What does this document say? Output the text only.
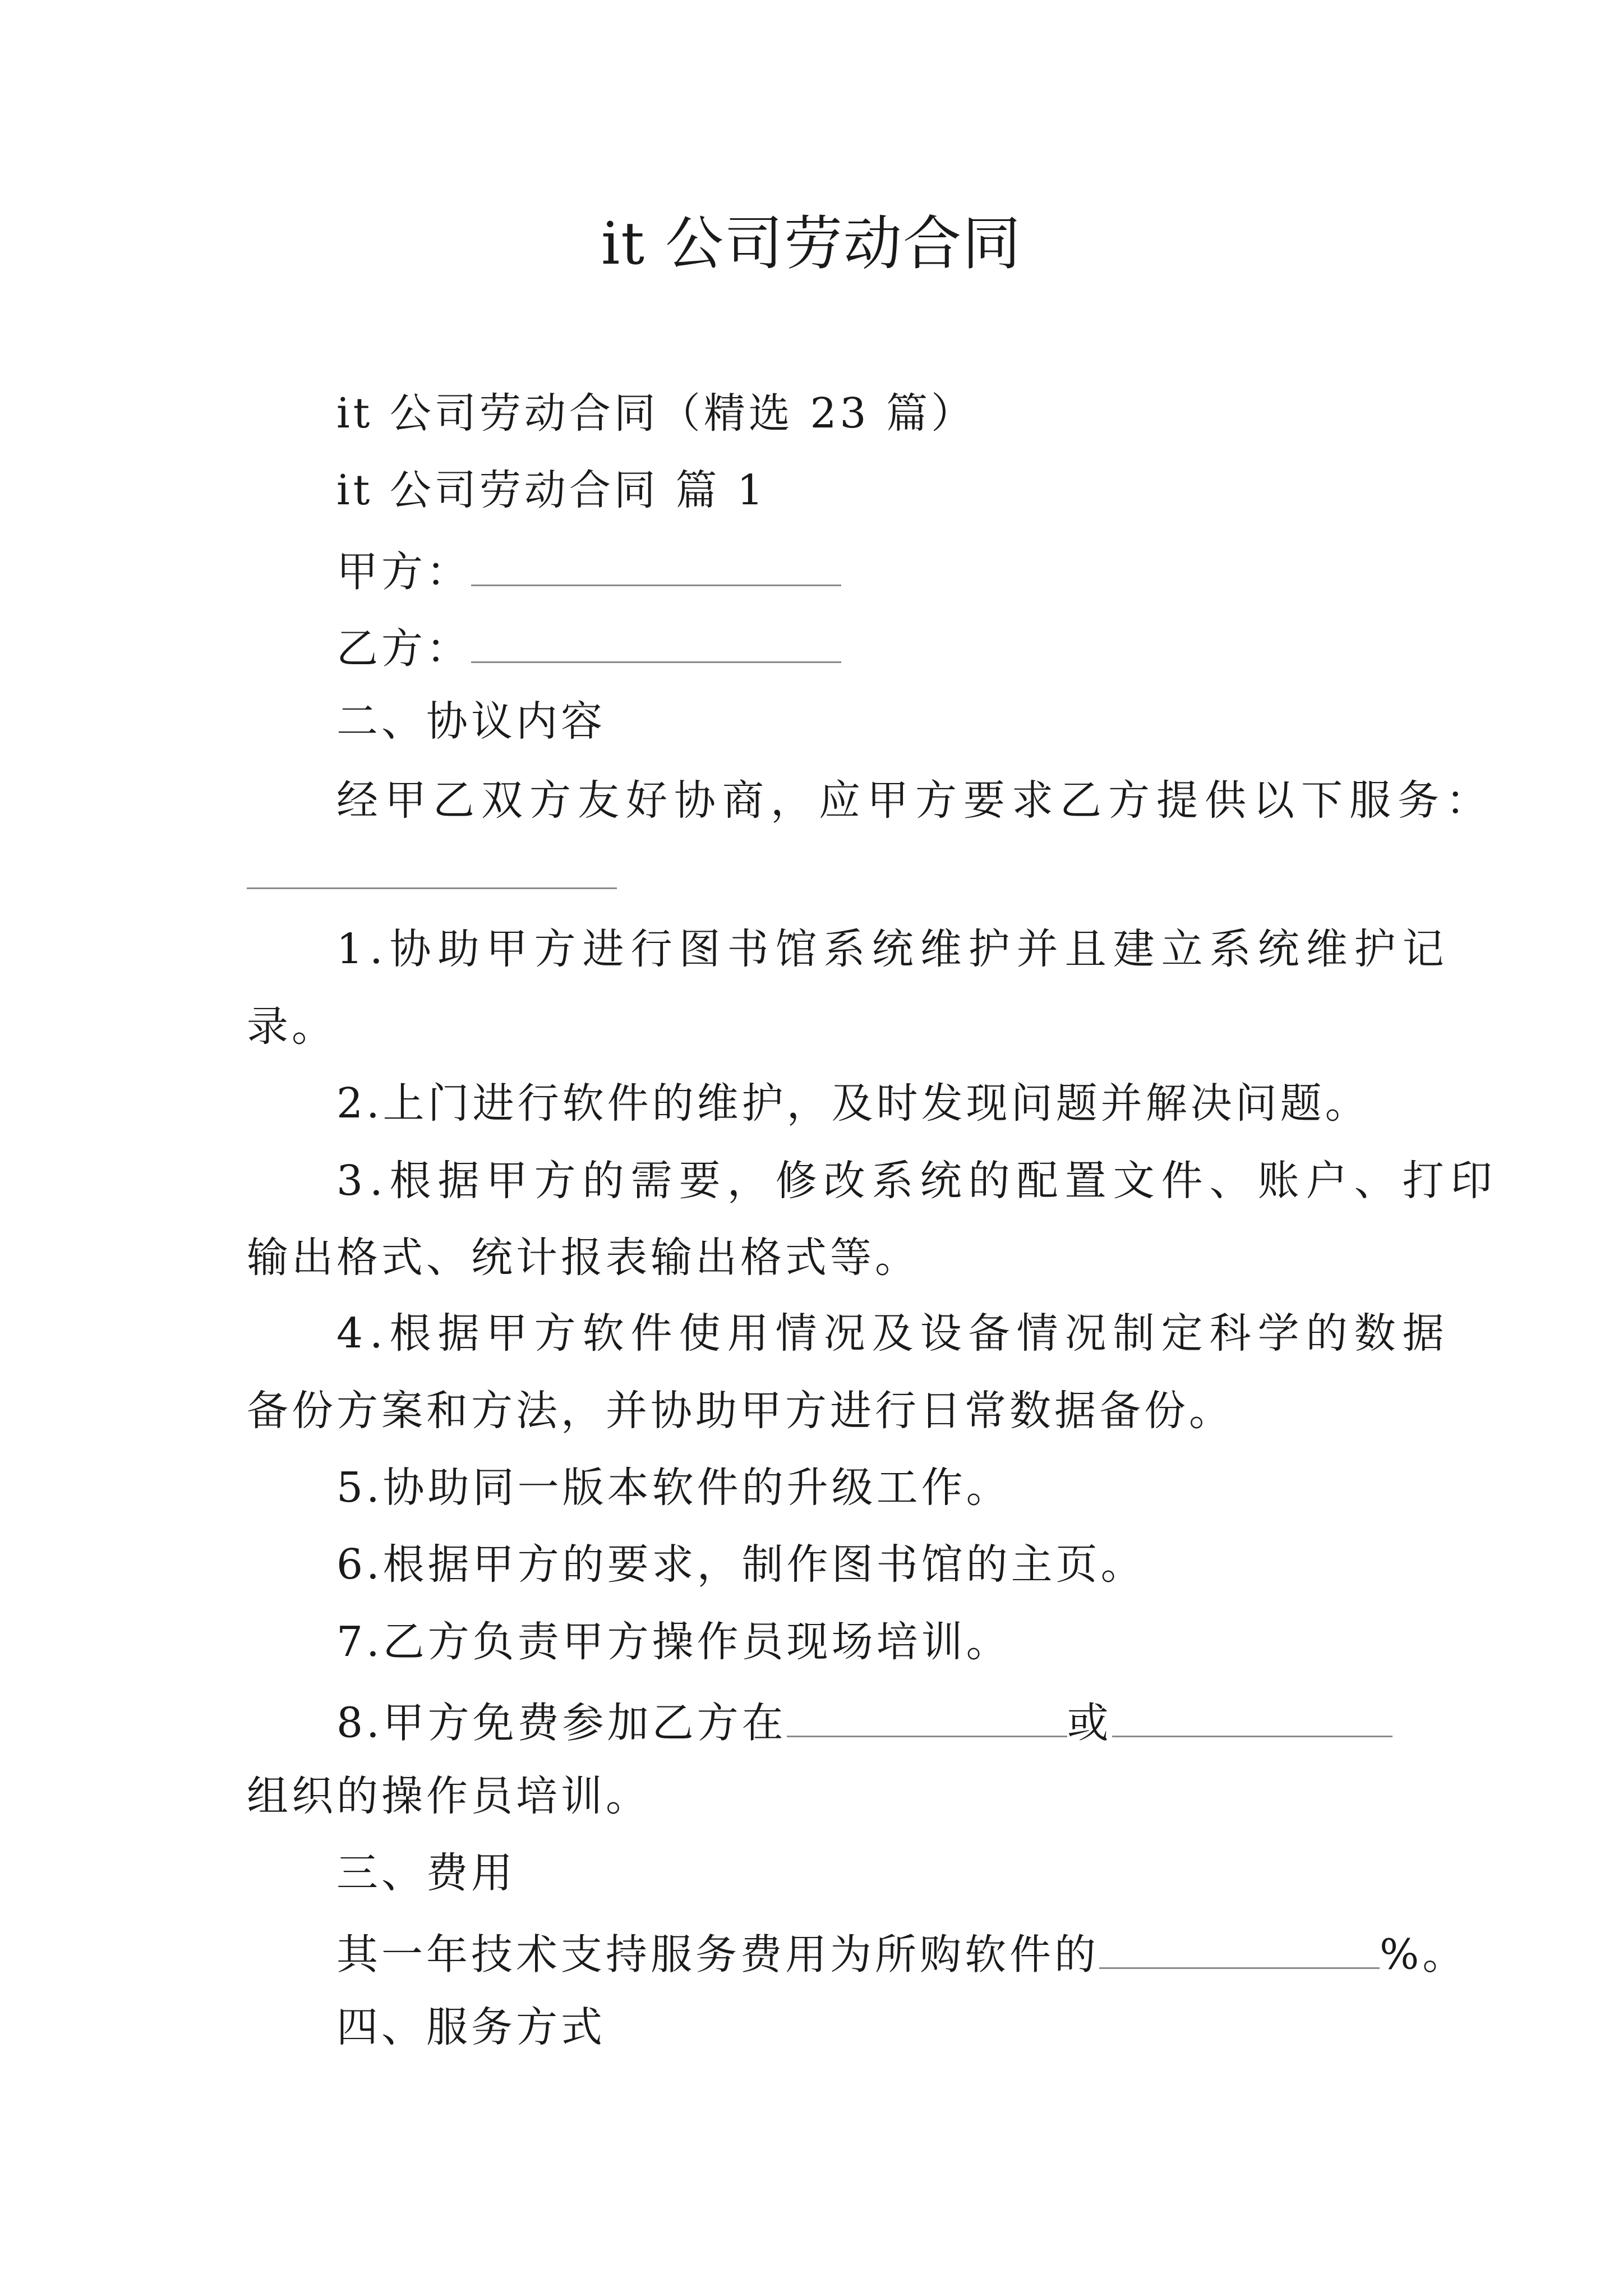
it 公司劳动合同
it 公司劳动合同（精选 23 篇）
it 公司劳动合同 篇 1
甲方：
乙方：
二、协议内容
经甲乙双方友好协商，应甲方要求乙方提供以下服务：
1.协助甲方进行图书馆系统维护并且建立系统维护记
录。
2.上门进行软件的维护，及时发现问题并解决问题。
3.根据甲方的需要，修改系统的配置文件、账户、打印
输出格式、统计报表输出格式等。
4.根据甲方软件使用情况及设备情况制定科学的数据
备份方案和方法，并协助甲方进行日常数据备份。
5.协助同一版本软件的升级工作。
6.根据甲方的要求，制作图书馆的主页。
7.乙方负责甲方操作员现场培训。
8.甲方免费参加乙方在	或
组织的操作员培训。
三、费用
其一年技术支持服务费用为所购软件的	%。
四、服务方式
